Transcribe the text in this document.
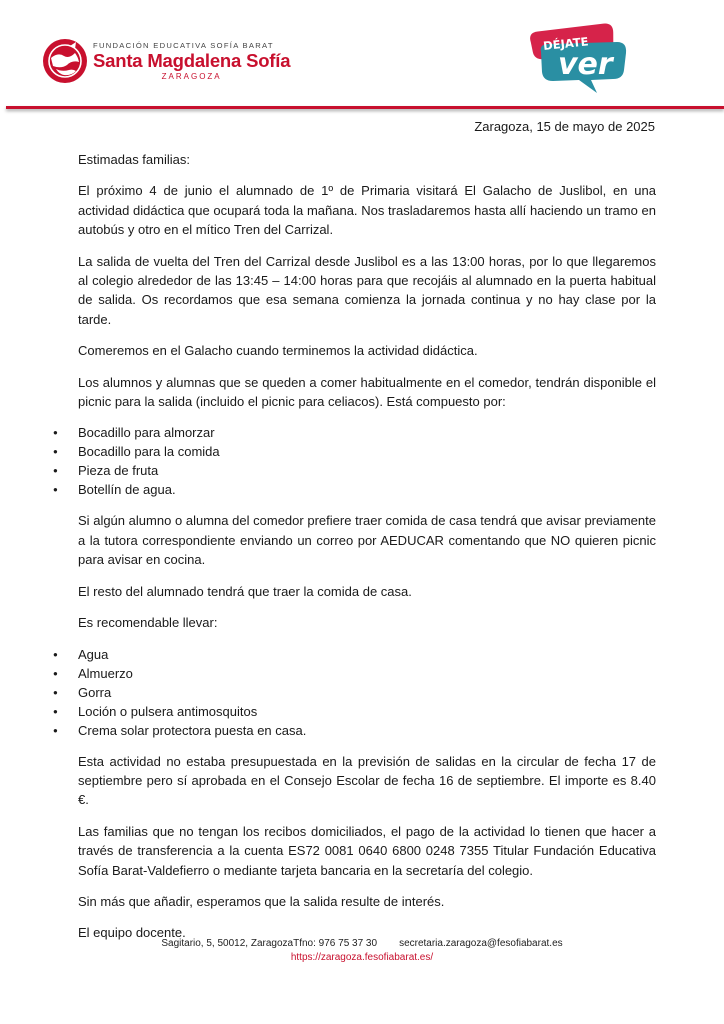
FUNDACIÓN EDUCATIVA SOFÍA BARAT
Santa Magdalena Sofía
ZARAGOZA
DÉJATE
ver
Zaragoza, 15 de mayo de 2025

Estimadas familias:

El próximo 4 de junio el alumnado de 1º de Primaria visitará El Galacho de Juslibol, en una actividad didáctica que ocupará toda la mañana. Nos trasladaremos hasta allí haciendo un tramo en autobús y otro en el mítico Tren del Carrizal.

La salida de vuelta del Tren del Carrizal desde Juslibol es a las 13:00 horas, por lo que llegaremos al colegio alrededor de las 13:45 – 14:00 horas para que recojáis al alumnado en la puerta habitual de salida. Os recordamos que esa semana comienza la jornada continua y no hay clase por la tarde.

Comeremos en el Galacho cuando terminemos la actividad didáctica.

Los alumnos y alumnas que se queden a comer habitualmente en el comedor, tendrán disponible el picnic para la salida (incluido el picnic para celiacos). Está compuesto por:

● Bocadillo para almorzar
● Bocadillo para la comida
● Pieza de fruta
● Botellín de agua.

Si algún alumno o alumna del comedor prefiere traer comida de casa tendrá que avisar previamente a la tutora correspondiente enviando un correo por AEDUCAR comentando que NO quieren picnic para avisar en cocina.

El resto del alumnado tendrá que traer la comida de casa.

Es recomendable llevar:

● Agua
● Almuerzo
● Gorra
● Loción o pulsera antimosquitos
● Crema solar protectora puesta en casa.

Esta actividad no estaba presupuestada en la previsión de salidas en la circular de fecha 17 de septiembre pero sí aprobada en el Consejo Escolar de fecha 16 de septiembre. El importe es 8.40 €.

Las familias que no tengan los recibos domiciliados, el pago de la actividad lo tienen que hacer a través de transferencia a la cuenta ES72 0081 0640 6800 0248 7355 Titular Fundación Educativa Sofía Barat-Valdefierro o mediante tarjeta bancaria en la secretaría del colegio.

Sin más que añadir, esperamos que la salida resulte de interés.

El equipo docente.

Sagitario, 5, 50012, ZaragozaTfno: 976 75 37 30 secretaria.zaragoza@fesofiabarat.es
https://zaragoza.fesofiabarat.es/
